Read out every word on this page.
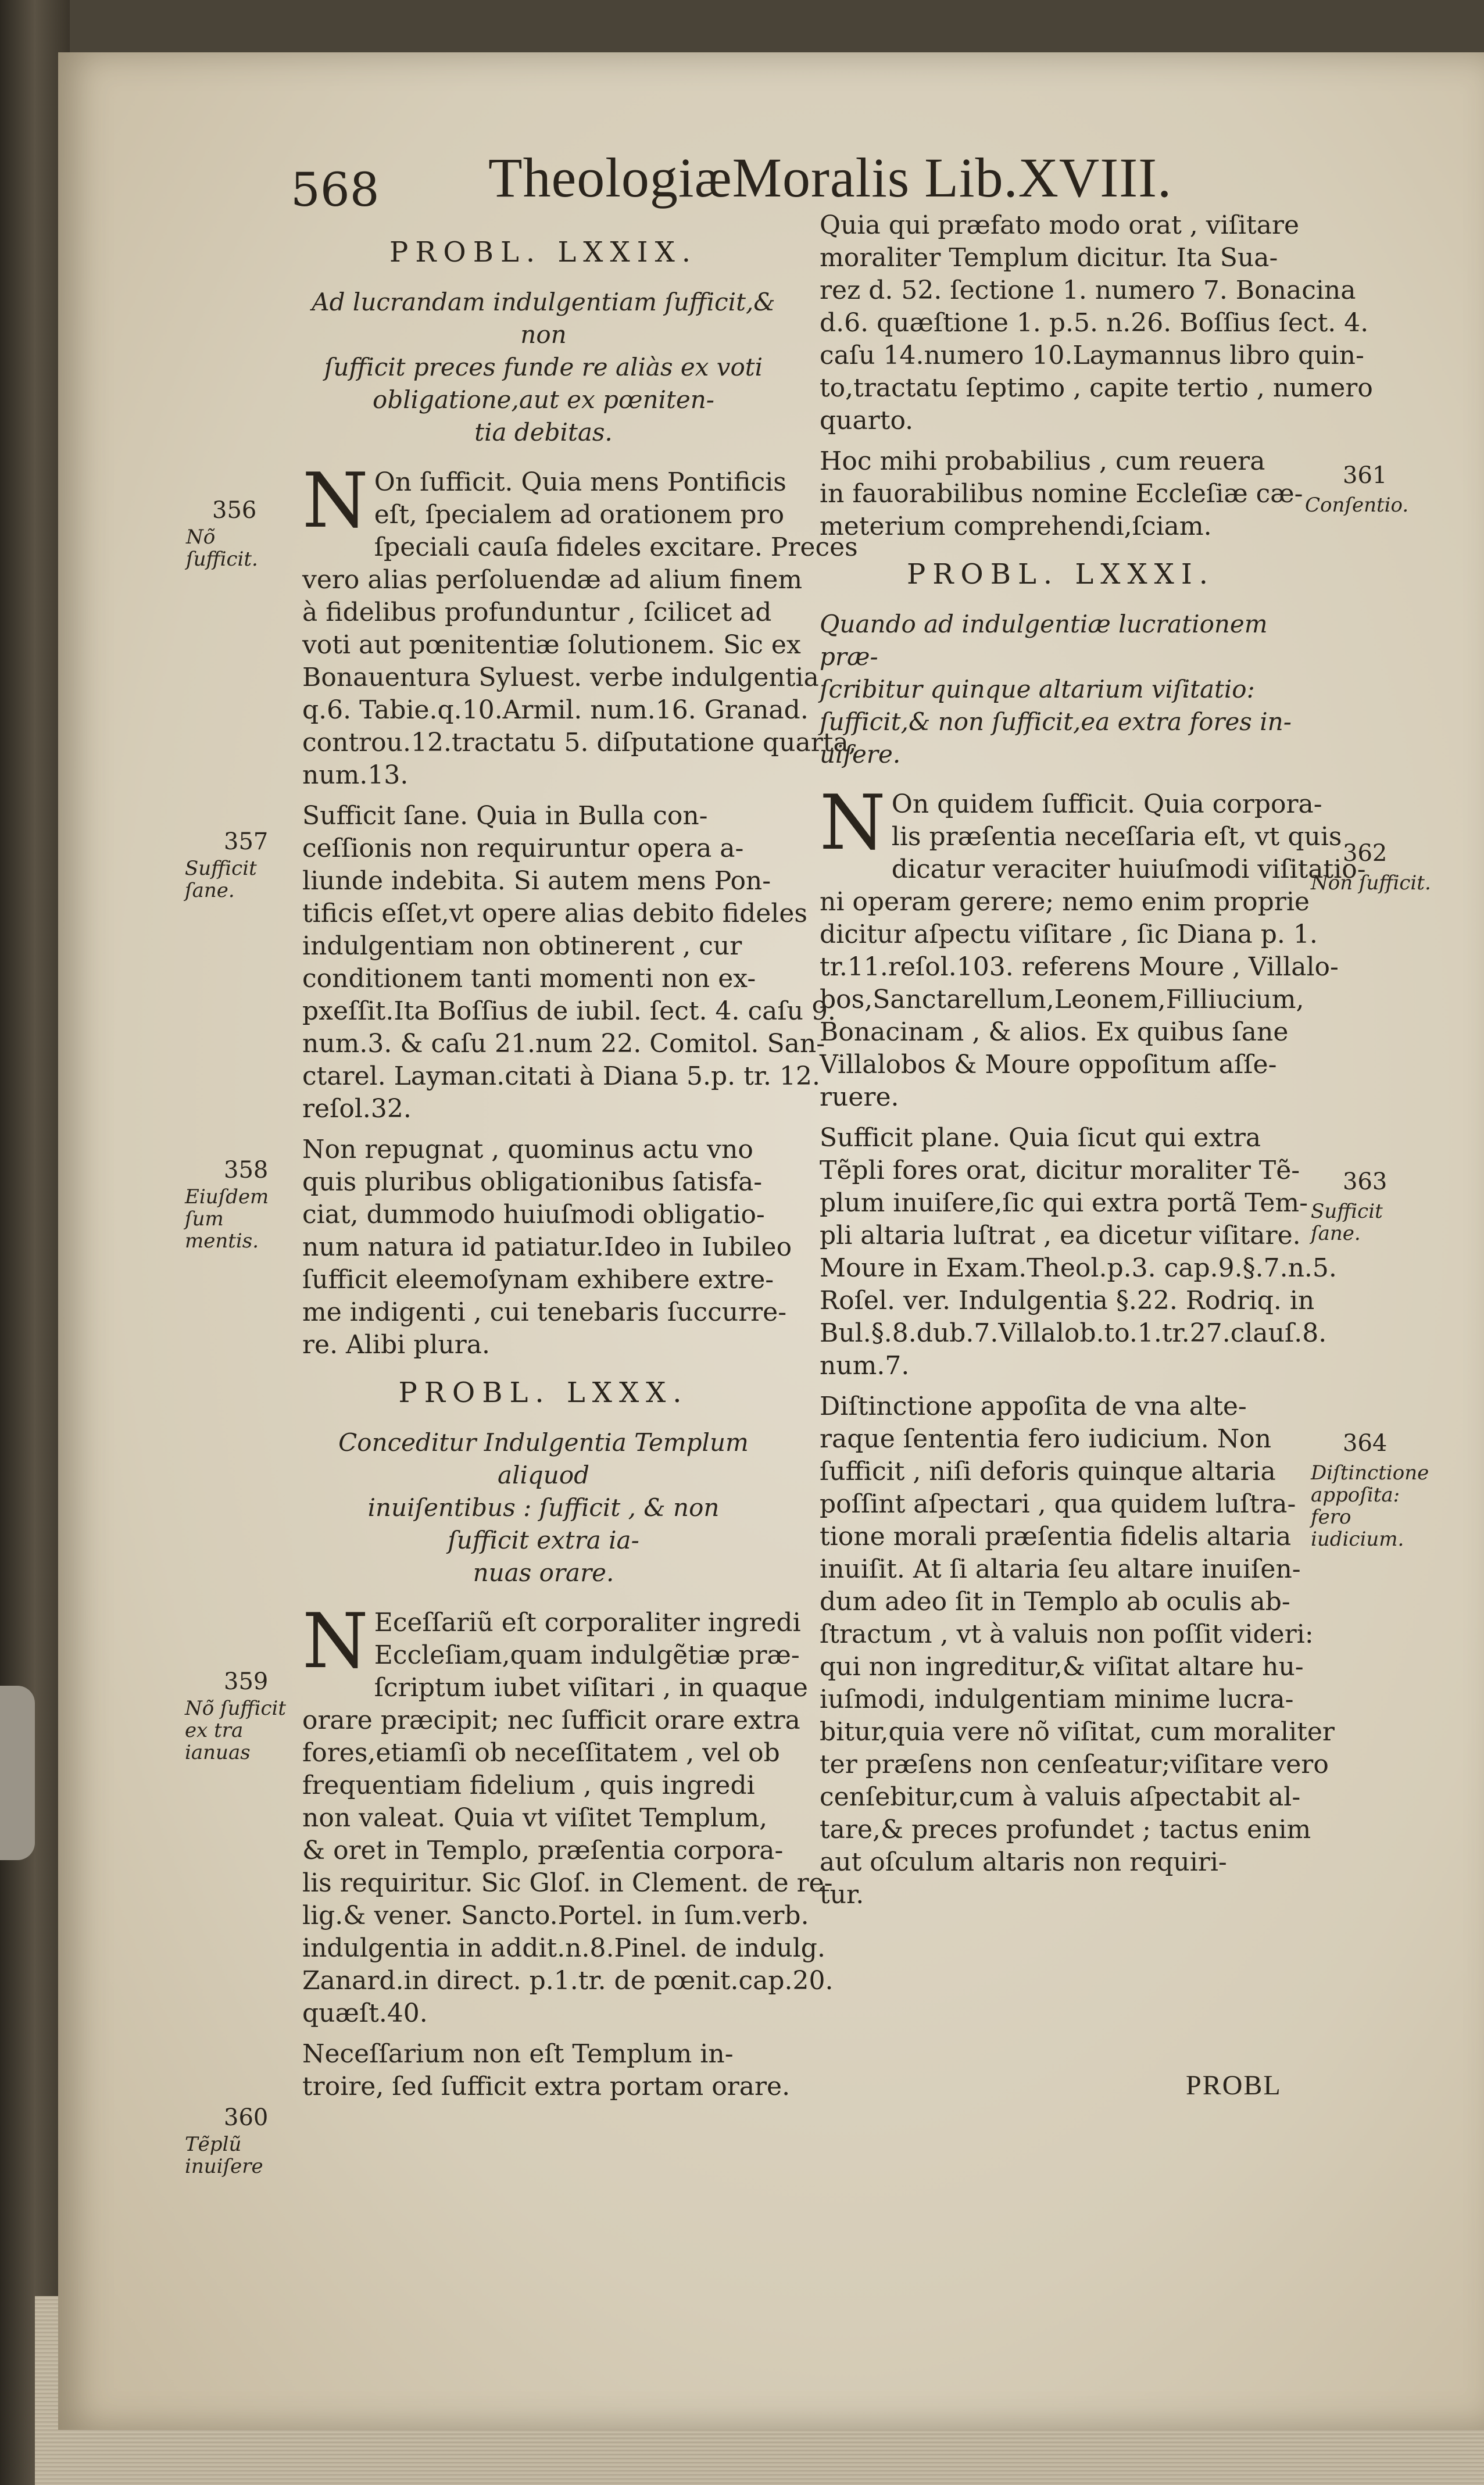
568 TheologiæMoralis Lib.XVIII.
PROBL. LXXIX.
Ad lucrandam indulgentiam ſufficit,& non
ſufficit preces funde re aliàs ex voti
obligatione,aut ex pœniten-
tia debitas.
N On ſufficit. Quia mens Pontificis
eſt, ſpecialem ad orationem pro
ſpeciali cauſa fideles excitare. Preces
vero alias perſoluendæ ad alium finem
à fidelibus profunduntur , ſcilicet ad
voti aut pœnitentiæ ſolutionem. Sic ex
Bonauentura Syluest. verbe indulgentia
q.6. Tabie.q.10.Armil. num.16. Granad.
controu.12.tractatu 5. diſputatione quarta,
num.13.
Sufficit ſane. Quia in Bulla con-
ceſſionis non requiruntur opera a-
liunde indebita. Si autem mens Pon-
tificis eſſet,vt opere alias debito fideles
indulgentiam non obtinerent , cur
conditionem tanti momenti non ex-
pxeſſit.Ita Boſſius de iubil. ſect. 4. caſu 9.
num.3. & caſu 21.num 22. Comitol. San-
ctarel. Layman.citati à Diana 5.p. tr. 12.
reſol.32.
Non repugnat , quominus actu vno
quis pluribus obligationibus ſatisfa-
ciat, dummodo huiuſmodi obligatio-
num natura id patiatur.Ideo in Iubileo
ſufficit eleemoſynam exhibere extre-
me indigenti , cui tenebaris ſuccurre-
re. Alibi plura.
PROBL. LXXX.
Conceditur Indulgentia Templum aliquod
inuiſentibus : ſufficit , & non
ſufficit extra ia-
nuas orare.
N Eceſſariũ eſt corporaliter ingredi
Eccleſiam,quam indulgẽtiæ præ-
ſcriptum iubet viſitari , in quaque
orare præcipit; nec ſufficit orare extra
fores,etiamſi ob neceſſitatem , vel ob
frequentiam fidelium , quis ingredi
non valeat. Quia vt viſitet Templum,
& oret in Templo, præſentia corpora-
lis requiritur. Sic Gloſ. in Clement. de re-
lig.& vener. Sancto.Portel. in ſum.verb.
indulgentia in addit.n.8.Pinel. de indulg.
Zanard.in direct. p.1.tr. de pœnit.cap.20.
quæſt.40.
Neceſſarium non eſt Templum in-
troire, ſed ſufficit extra portam orare.
Quia qui præfato modo orat , viſitare
moraliter Templum dicitur. Ita Sua-
rez d. 52. ſectione 1. numero 7. Bonacina
d.6. quæſtione 1. p.5. n.26. Boſſius ſect. 4.
caſu 14.numero 10.Laymannus libro quin-
to,tractatu ſeptimo , capite tertio , numero
quarto.
Hoc mihi probabilius , cum reuera
in fauorabilibus nomine Eccleſiæ cæ-
meterium comprehendi,ſciam.
PROBL. LXXXI.
Quando ad indulgentiæ lucrationem præ-
ſcribitur quinque altarium viſitatio:
ſufficit,& non ſufficit,ea extra fores in-
uiſere.
N On quidem ſufficit. Quia corpora-
lis præſentia neceſſaria eſt, vt quis
dicatur veraciter huiuſmodi viſitatio-
ni operam gerere; nemo enim proprie
dicitur aſpectu viſitare , ſic Diana p. 1.
tr.11.reſol.103. referens Moure , Villalo-
bos,Sanctarellum,Leonem,Filliucium,
Bonacinam , & alios. Ex quibus ſane
Villalobos & Moure oppoſitum aſſe-
ruere.
Sufficit plane. Quia ſicut qui extra
Tẽpli fores orat, dicitur moraliter Tẽ-
plum inuiſere,ſic qui extra portã Tem-
pli altaria luſtrat , ea dicetur viſitare.
Moure in Exam.Theol.p.3. cap.9.§.7.n.5.
Roſel. ver. Indulgentia §.22. Rodriq. in
Bul.§.8.dub.7.Villalob.to.1.tr.27.clauſ.8.
num.7.
Diſtinctione appoſita de vna alte-
raque ſententia fero iudicium. Non
ſufficit , niſi deforis quinque altaria
poſſint aſpectari , qua quidem luſtra-
tione morali præſentia fidelis altaria
inuiſit. At ſi altaria ſeu altare inuiſen-
dum adeo ſit in Templo ab oculis ab-
ſtractum , vt à valuis non poſſit videri:
qui non ingreditur,& viſitat altare hu-
iuſmodi, indulgentiam minime lucra-
bitur,quia vere nõ viſitat, cum moraliter
ter præſens non cenſeatur;viſitare vero
cenſebitur,cum à valuis aſpectabit al-
tare,& preces profundet ; tactus enim
aut oſculum altaris non requiri-
tur.
PROBL
356
Nõ ſufficit.
357
Sufficit ſane.
358
Eiuſdem ſum mentis.
359
Nõ ſufficit ex tra ianuas
360
Tẽplũ inuiſere
361
Conſentio.
362
Non ſufficit.
363
Sufficit ſane.
364
Diſtinctione appoſita: fero iudicium.
